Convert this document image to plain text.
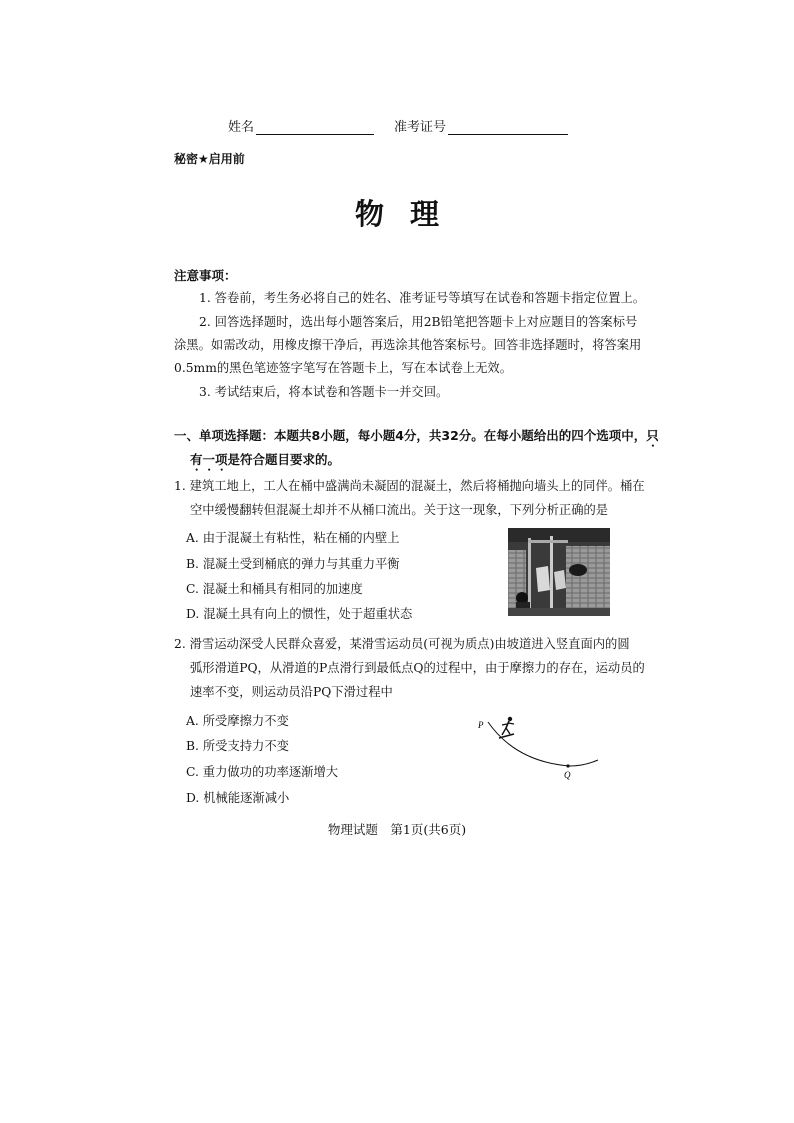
姓名	准考证号
秘密★启用前
物理
注意事项：
1. 答卷前，考生务必将自己的姓名、准考证号等填写在试卷和答题卡指定位置上。
2. 回答选择题时，选出每小题答案后，用2B铅笔把答题卡上对应题目的答案标号
涂黑。如需改动，用橡皮擦干净后，再选涂其他答案标号。回答非选择题时，将答案用
0.5mm的黑色笔迹签字笔写在答题卡上，写在本试卷上无效。
3. 考试结束后，将本试卷和答题卡一并交回。
一、单项选择题：本题共8小题，每小题4分，共32分。在每小题给出的四个选项中，只
有一项是符合题目要求的。
1. 建筑工地上，工人在桶中盛满尚未凝固的混凝土，然后将桶抛向墙头上的同伴。桶在
空中缓慢翻转但混凝土却并不从桶口流出。关于这一现象，下列分析正确的是
A. 由于混凝土有粘性，粘在桶的内壁上
B. 混凝土受到桶底的弹力与其重力平衡
C. 混凝土和桶具有相同的加速度
D. 混凝土具有向上的惯性，处于超重状态
2. 滑雪运动深受人民群众喜爱，某滑雪运动员(可视为质点)由坡道进入竖直面内的圆
弧形滑道PQ，从滑道的P点滑行到最低点Q的过程中，由于摩擦力的存在，运动员的
速率不变，则运动员沿PQ下滑过程中
A. 所受摩擦力不变
B. 所受支持力不变
C. 重力做功的功率逐渐增大
D. 机械能逐渐减小
P
Q
物理试题　第1页(共6页)
